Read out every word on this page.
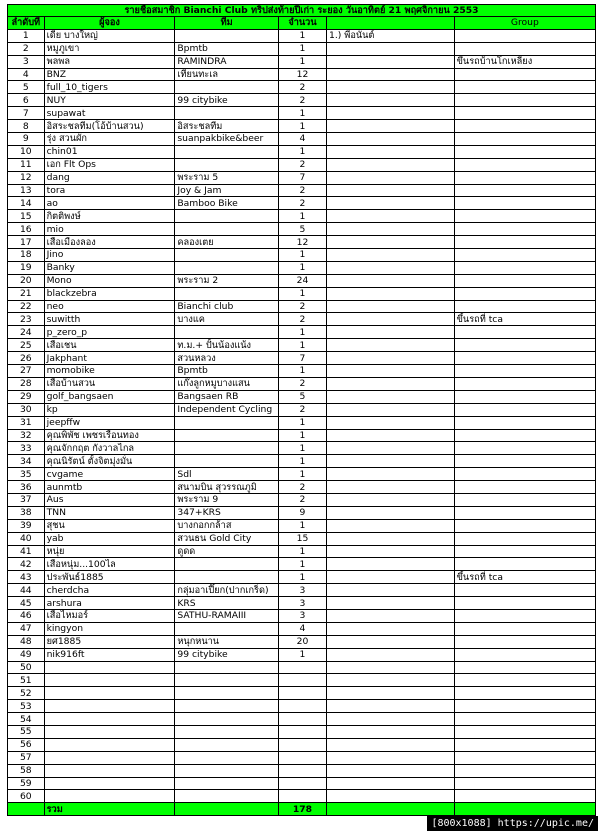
รายชื่อสมาชิก Bianchi Club ทริปส่งท้ายปีเก่า ระยอง วันอาทิตย์ 21 พฤศจิกายน 2553					
ลำดับที่	ผู้จอง	ทีม	จำนวน		Group
1	เดีย บางใหญ่		1	1.) พี่อนันต์	
2	หมูภูเขา	Bpmtb	1		
3	พลพล	RAMINDRA	1		ขึ้นรถบ้านโกเหลียง
4	BNZ	เทียนทะเล	12		
5	full_10_tigers		2		
6	NUY	99 citybike	2		
7	supawat		1		
8	อิสระชลทีม(โอ้บ้านสวน)	อิสระชลทีม	1		
9	รุ่ง สวนผัก	suanpakbike&beer	4		
10	chin01		1		
11	เอก Flt Ops		2		
12	dang	พระราม 5	7		
13	tora	Joy & Jam	2		
14	ao	Bamboo Bike	2		
15	กิตติพงษ์		1		
16	mio		5		
17	เสือเมืองลอง	คลองเตย	12		
18	Jino		1		
19	Banky		1		
20	Mono	พระราม 2	24		
21	blackzebra		1		
22	neo	Bianchi club	2		
23	suwitth	บางแค	2		ขึ้นรถที่ tca
24	p_zero_p		1		
25	เสือเชน	ท.ม.+ ปั้นน้องแน้ง	1		
26	Jakphant	สวนหลวง	7		
27	momobike	Bpmtb	1		
28	เสือบ้านสวน	แก๊งลูกหมูบางแสน	2		
29	golf_bangsaen	Bangsaen RB	5		
30	kp	Independent Cycling	2		
31	jeepffw		1		
32	คุณพิพัช เพชรเรือนทอง		1		
33	คุณจักกฤต กังวาลไกล		1		
34	คุณนิรัตน์ ตั้งจิตมุ่งมั่น		1		
35	cvgame	Sdl	1		
36	aunmtb	สนามบิน สุวรรณภูมิ	2		
37	Aus	พระราม 9	2		
38	TNN	347+KRS	9		
39	สุชน	บางกอกกล้าส	1		
40	yab	สวนธน Gold City	15		
41	หนุ่ย	ดูดด	1		
42	เสือหนุ่ม...100ไล		1		
43	ประพันธ์1885		1		ขึ้นรถที่ tca
44	cherdcha	กลุ่มอาเปี๊ยก(ปากเกร็ด)	3		
45	arshura	KRS	3		
46	เสือไหมอร์	SATHU-RAMAIII	3		
47	kingyon		4		
48	ยศ1885	หนุกหนาน	20		
49	nik916ft	99 citybike	1		
50					
51					
52					
53					
54					
55					
56					
57					
58					
59					
60					
	รวม		178		
[800x1088] https://upic.me/
